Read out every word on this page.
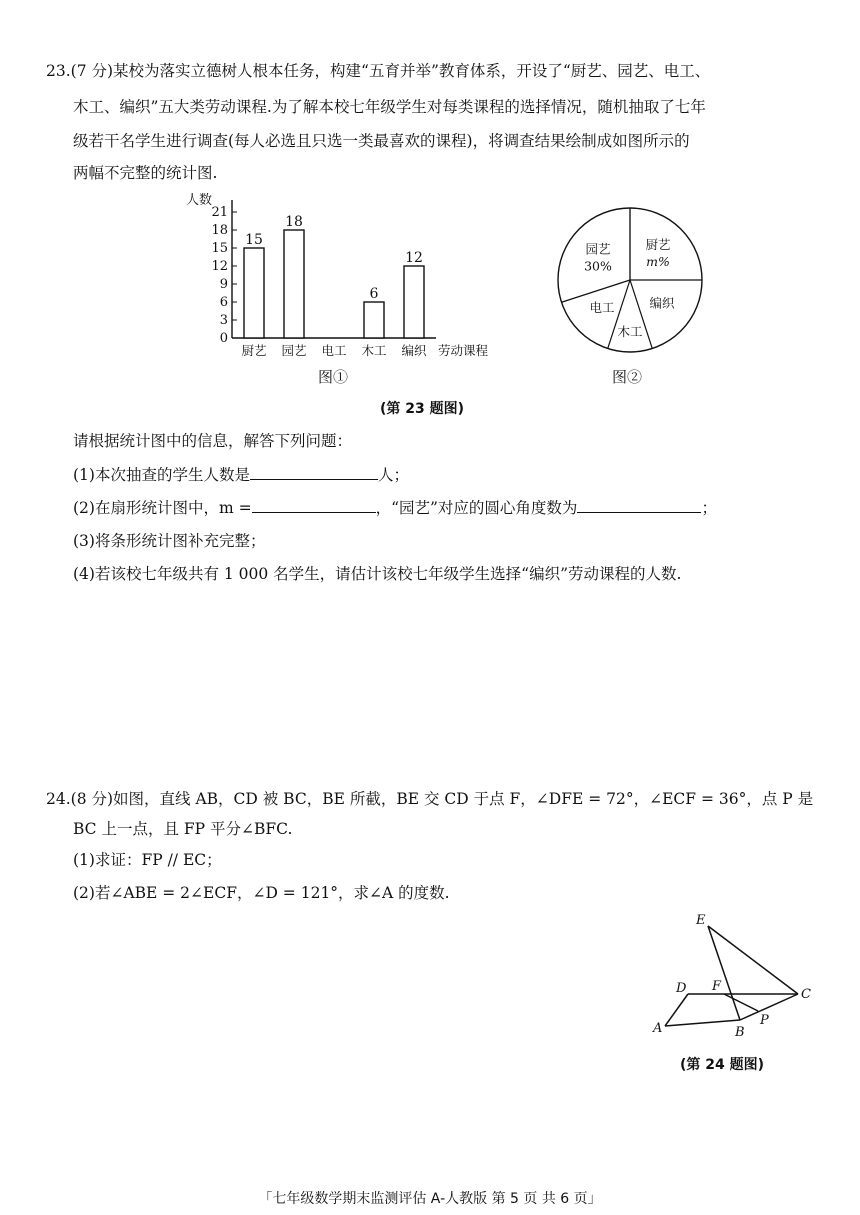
23.(7 分)某校为落实立德树人根本任务，构建“五育并举”教育体系，开设了“厨艺、园艺、电工、
木工、编织”五大类劳动课程.为了解本校七年级学生对每类课程的选择情况，随机抽取了七年
级若干名学生进行调查(每人必选且只选一类最喜欢的课程)，将调查结果绘制成如图所示的
两幅不完整的统计图.
人数
0
3
6
9
12
15
18
21
厨艺
15
园艺
18
电工 木工
6
编织
12
劳动课程
图①
园艺
30%
电工
木工
编织
厨艺
m%
图②
(第 23 题图)
请根据统计图中的信息，解答下列问题：
(1)本次抽查的学生人数是	人；
(2)在扇形统计图中，m =	，“园艺”对应的圆心角度数为	；
(3)将条形统计图补充完整；
(4)若该校七年级共有 1 000 名学生，请估计该校七年级学生选择“编织”劳动课程的人数.
24.(8 分)如图，直线 AB，CD 被 BC，BE 所截，BE 交 CD 于点 F，∠DFE = 72°，∠ECF = 36°，点 P 是
BC 上一点，且 FP 平分∠BFC.
(1)求证：FP // EC；
(2)若∠ABE = 2∠ECF，∠D = 121°，求∠A 的度数.
E
D F
C
A	B
P
(第 24 题图)
「七年级数学期末监测评估 A-人教版 第 5 页 共 6 页」
